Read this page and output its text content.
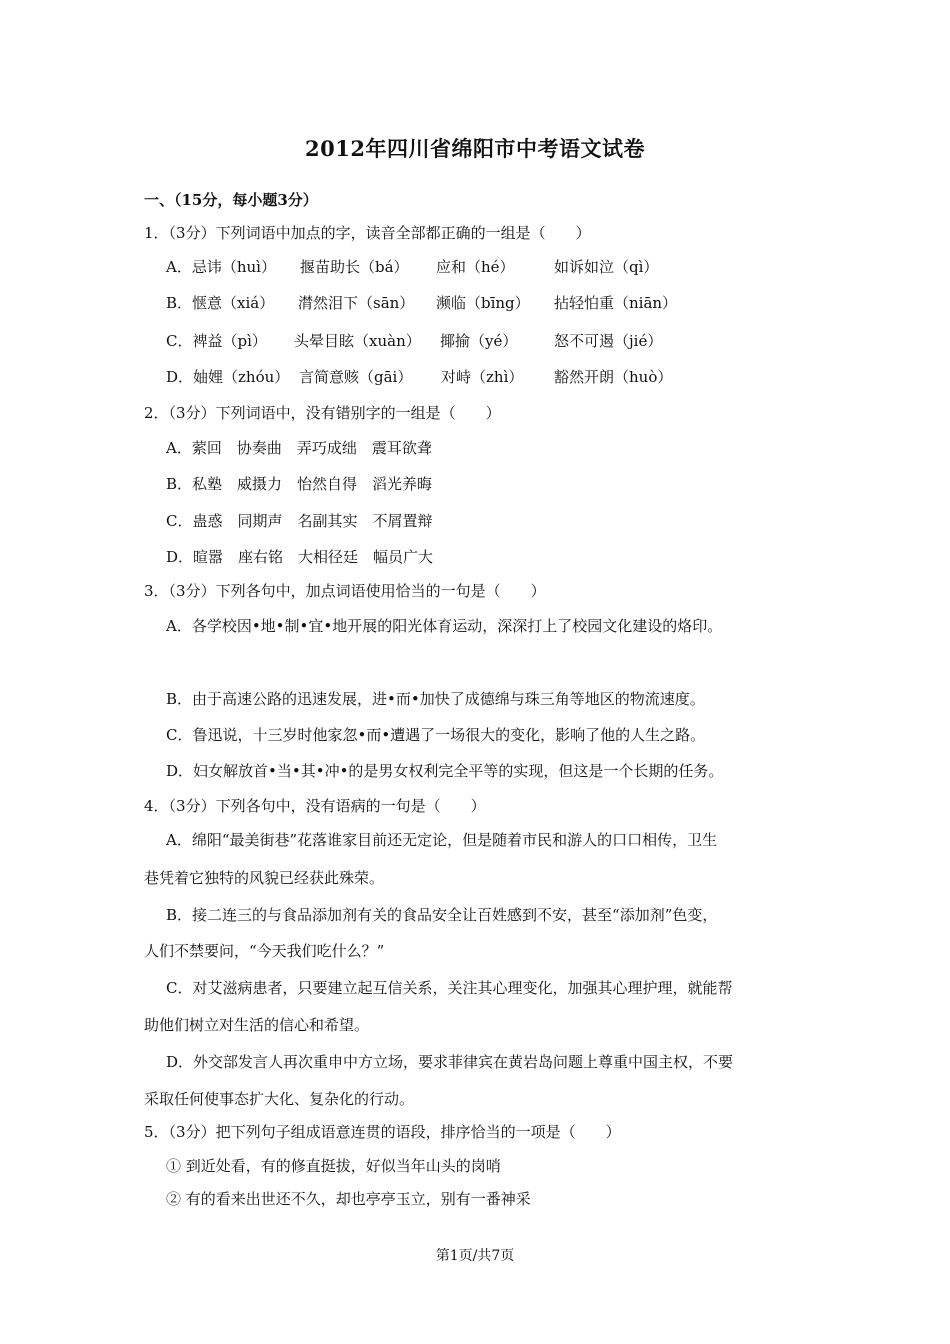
2012年四川省绵阳市中考语文试卷
一、（15分，每小题3分）
1．（3分）下列词语中加点的字，读音全部都正确的一组是（　　）
A．忌讳（huì） 揠苗助长（bá） 应和（hé）	如诉如泣（qì）
B．惬意（xiá） 潸然泪下（sān） 濒临（bīng） 拈轻怕重（niān）
C．裨益（pì） 头晕目眩（xuàn） 揶揄（yé） 怒不可遏（jié）
D．妯娌（zhóu） 言简意赅（gāi） 对峙（zhì） 豁然开朗（huò）
2．（3分）下列词语中，没有错别字的一组是（　　）
A．萦回　协奏曲　弄巧成绌　震耳欲聋
B．私塾　威摄力　怡然自得　滔光养晦
C．蛊惑　同期声　名副其实　不屑置辩
D．暄嚣　座右铭　大相径廷　幅员广大
3．（3分）下列各句中，加点词语使用恰当的一句是（　　）
A．各学校因•地•制•宜•地开展的阳光体育运动，深深打上了校园文化建设的烙印。
B．由于高速公路的迅速发展，进•而•加快了成德绵与珠三角等地区的物流速度。
C．鲁迅说，十三岁时他家忽•而•遭遇了一场很大的变化，影响了他的人生之路。
D．妇女解放首•当•其•冲•的是男女权利完全平等的实现，但这是一个长期的任务。
4．（3分）下列各句中，没有语病的一句是（　　）
A．绵阳“最美街巷”花落谁家目前还无定论，但是随着市民和游人的口口相传，卫生
巷凭着它独特的风貌已经获此殊荣。
B．接二连三的与食品添加剂有关的食品安全让百姓感到不安，甚至“添加剂”色变，
人们不禁要问，“今天我们吃什么？”
C．对艾滋病患者，只要建立起互信关系，关注其心理变化，加强其心理护理，就能帮
助他们树立对生活的信心和希望。
D．外交部发言人再次重申中方立场，要求菲律宾在黄岩岛问题上尊重中国主权，不要
采取任何使事态扩大化、复杂化的行动。
5．（3分）把下列句子组成语意连贯的语段，排序恰当的一项是（　　）
① 到近处看，有的修直挺拔，好似当年山头的岗哨
② 有的看来出世还不久，却也亭亭玉立，别有一番神采
第1页/共7页
